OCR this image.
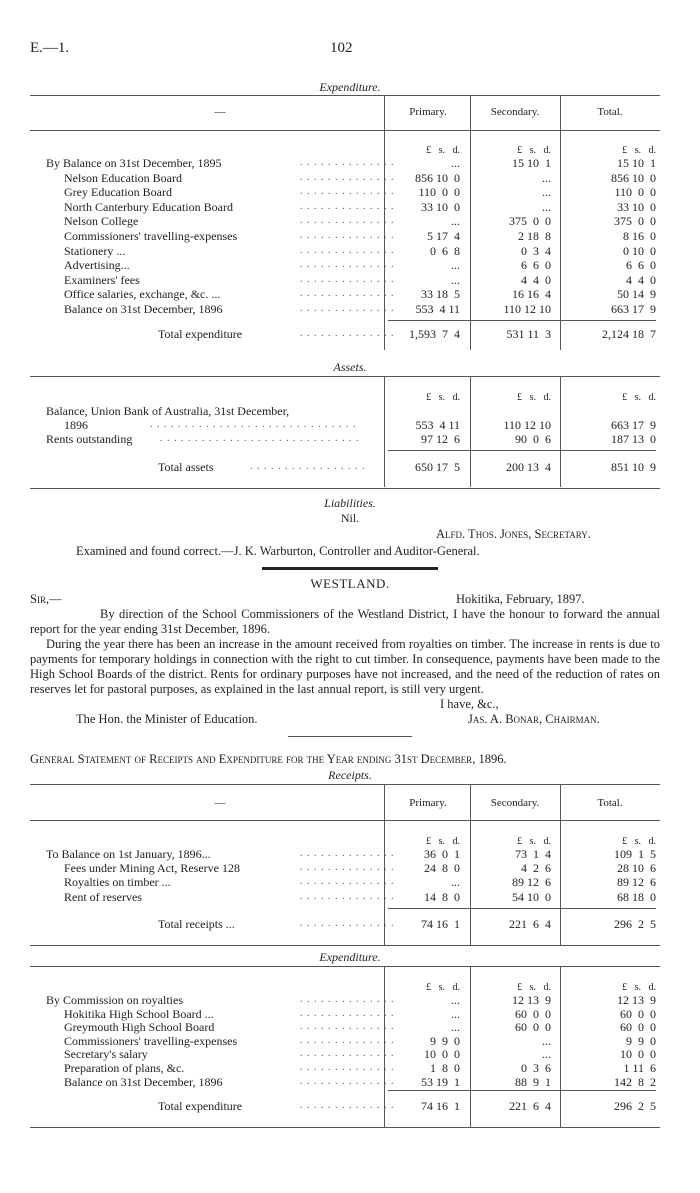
E.—1.	102
Expenditure.
—	Primary.	Secondary.	Total.
£   s.   d.	£   s.   d.	£   s.   d.
By Balance on 31st December, 1895	. . . . . . . . . . . . . .	...	15 10  1	15 10  1
Nelson Education Board	. . . . . . . . . . . . . .	856 10  0	...	856 10  0
Grey Education Board	. . . . . . . . . . . . . .	110  0  0	...	110  0  0
North Canterbury Education Board	. . . . . . . . . . . . . .	33 10  0	...	33 10  0
Nelson College	. . . . . . . . . . . . . .	...	375  0  0	375  0  0
Commissioners' travelling-expenses	. . . . . . . . . . . . . .	5 17  4	2 18  8	8 16  0
Stationery ...	. . . . . . . . . . . . . .	0  6  8	0  3  4	0 10  0
Advertising...	. . . . . . . . . . . . . .	...	6  6  0	6  6  0
Examiners' fees	. . . . . . . . . . . . . .	...	4  4  0	4  4  0
Office salaries, exchange, &c. ...	. . . . . . . . . . . . . .	33 18  5	16 16  4	50 14  9
Balance on 31st December, 1896	. . . . . . . . . . . . . .	553  4 11	110 12 10	663 17  9
Total expenditure	. . . . . . . . . . . . . .	1,593  7  4	531 11  3	2,124 18  7
Assets.
£   s.   d.	£   s.   d.	£   s.   d.
Balance, Union Bank of Australia, 31st December,
1896	. . . . . . . . . . . . . . . . . . . . . . . . . . . . . .	553  4 11	110 12 10	663 17  9
Rents outstanding	. . . . . . . . . . . . . . . . . . . . . . . . . . . . .	97 12  6	90  0  6	187 13  0
Total assets	. . . . . . . . . . . . . . . . .	650 17  5	200 13  4	851 10  9
Liabilities.
Nil.
Alfd. Thos. Jones, Secretary.
Examined and found correct.—J. K. Warburton, Controller and Auditor-General.
WESTLAND.
Sir,—	Hokitika, February, 1897.
By direction of the School Commissioners of the Westland District, I have the honour to forward the annual report for the year ending 31st December, 1896.
During the year there has been an increase in the amount received from royalties on timber. The increase in rents is due to payments for temporary holdings in connection with the right to cut timber. In consequence, payments have been made to the High School Boards of the district. Rents for ordinary purposes have not increased, and the need of the reduction of rates on reserves let for pastoral purposes, as explained in the last annual report, is still very urgent.
I have, &c.,
The Hon. the Minister of Education.	Jas. A. Bonar, Chairman.
General Statement of Receipts and Expenditure for the Year ending 31st December, 1896.
Receipts.
—	Primary.	Secondary.	Total.
£   s.   d.	£   s.   d.	£   s.   d.
To Balance on 1st January, 1896...	. . . . . . . . . . . . . .	36  0  1	73  1  4	109  1  5
Fees under Mining Act, Reserve 128	. . . . . . . . . . . . . .	24  8  0	4  2  6	28 10  6
Royalties on timber ...	. . . . . . . . . . . . . .	...	89 12  6	89 12  6
Rent of reserves	. . . . . . . . . . . . . .	14  8  0	54 10  0	68 18  0
Total receipts ...	. . . . . . . . . . . . . .	74 16  1	221  6  4	296  2  5
Expenditure.
£   s.   d.	£   s.   d.	£   s.   d.
By Commission on royalties	. . . . . . . . . . . . . .	...	12 13  9	12 13  9
Hokitika High School Board ...	. . . . . . . . . . . . . .	...	60  0  0	60  0  0
Greymouth High School Board	. . . . . . . . . . . . . .	...	60  0  0	60  0  0
Commissioners' travelling-expenses	. . . . . . . . . . . . . .	9  9  0	...	9  9  0
Secretary's salary	. . . . . . . . . . . . . .	10  0  0	...	10  0  0
Preparation of plans, &c.	. . . . . . . . . . . . . .	1  8  0	0  3  6	1 11  6
Balance on 31st December, 1896	. . . . . . . . . . . . . .	53 19  1	88  9  1	142  8  2
Total expenditure	. . . . . . . . . . . . . .	74 16  1	221  6  4	296  2  5
